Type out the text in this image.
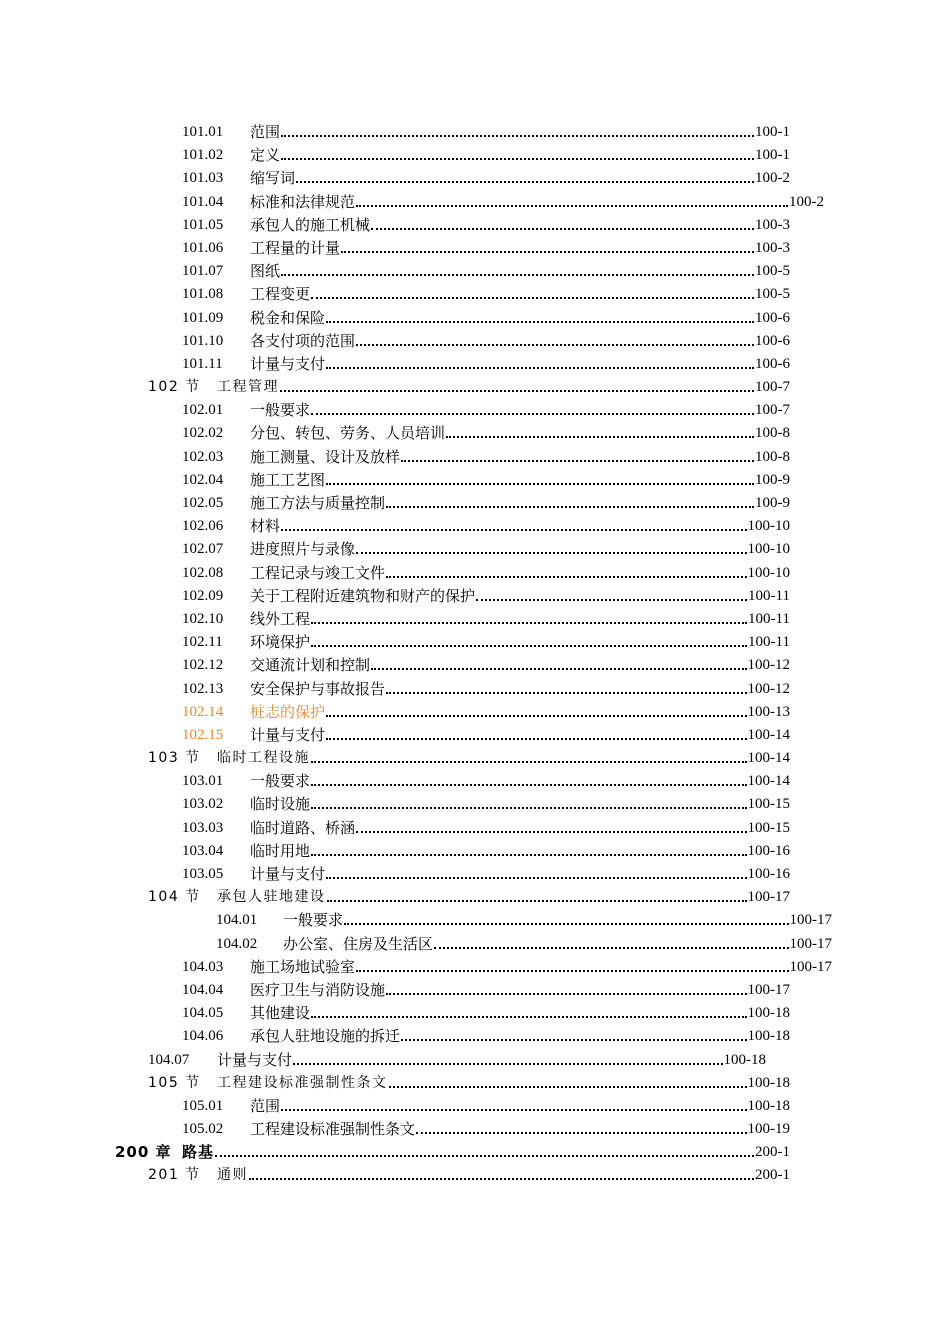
101.01 范围	100-1
101.02 定义	100-1
101.03 缩写词	100-2
101.04 标准和法律规范	100-2
101.05 承包人的施工机械	100-3
101.06 工程量的计量	100-3
101.07 图纸	100-5
101.08 工程变更	100-5
101.09 税金和保险	100-6
101.10 各支付项的范围	100-6
101.11 计量与支付	100-6
102 节 工程管理	100-7
102.01 一般要求	100-7
102.02 分包、转包、劳务、人员培训	100-8
102.03 施工测量、设计及放样	100-8
102.04 施工工艺图	100-9
102.05 施工方法与质量控制	100-9
102.06 材料	100-10
102.07 进度照片与录像	100-10
102.08 工程记录与竣工文件	100-10
102.09 关于工程附近建筑物和财产的保护	100-11
102.10 线外工程	100-11
102.11 环境保护	100-11
102.12 交通流计划和控制	100-12
102.13 安全保护与事故报告	100-12
102.14 桩志的保护	100-13
102.15 计量与支付	100-14
103 节 临时工程设施	100-14
103.01 一般要求	100-14
103.02 临时设施	100-15
103.03 临时道路、桥涵	100-15
103.04 临时用地	100-16
103.05 计量与支付	100-16
104 节 承包人驻地建设	100-17
104.01 一般要求	100-17
104.02 办公室、住房及生活区	100-17
104.03 施工场地试验室	100-17
104.04 医疗卫生与消防设施	100-17
104.05 其他建设	100-18
104.06 承包人驻地设施的拆迁	100-18
104.07 计量与支付	100-18
105 节 工程建设标准强制性条文	100-18
105.01 范围	100-18
105.02 工程建设标准强制性条文	100-19
200 章 路基	200-1
201 节 通则	200-1
